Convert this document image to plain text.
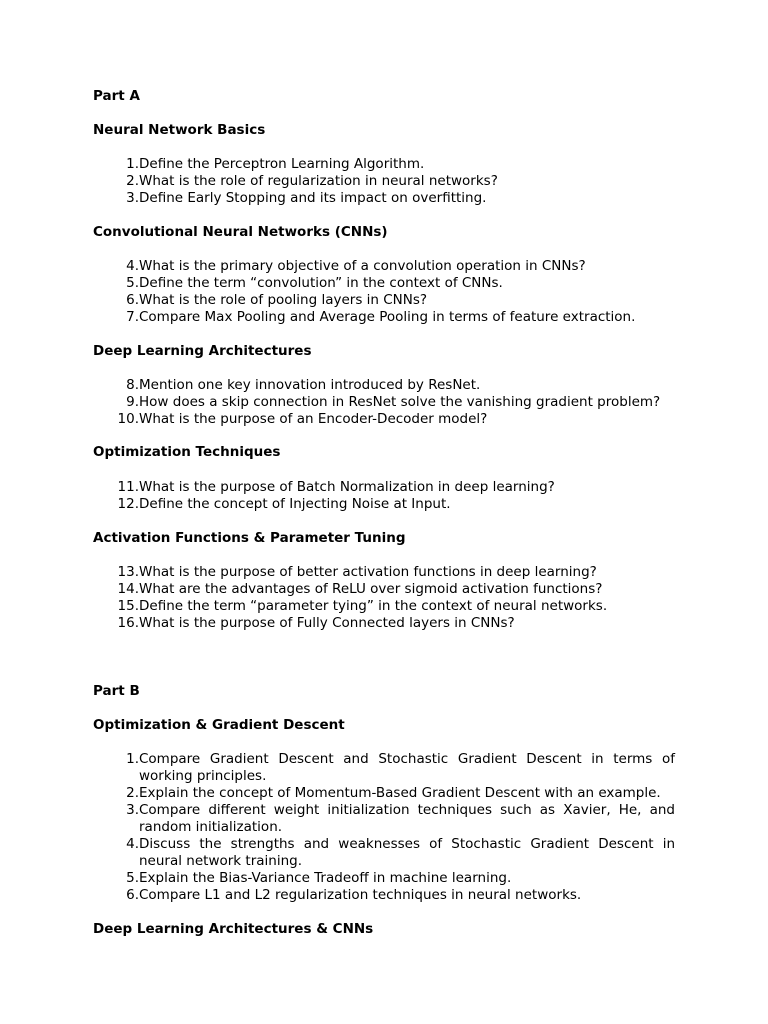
Part A
Neural Network Basics
1. Define the Perceptron Learning Algorithm.
2. What is the role of regularization in neural networks?
3. Define Early Stopping and its impact on overfitting.
Convolutional Neural Networks (CNNs)
4. What is the primary objective of a convolution operation in CNNs?
5. Define the term “convolution” in the context of CNNs.
6. What is the role of pooling layers in CNNs?
7. Compare Max Pooling and Average Pooling in terms of feature extraction.
Deep Learning Architectures
8. Mention one key innovation introduced by ResNet.
9. How does a skip connection in ResNet solve the vanishing gradient problem?
10. What is the purpose of an Encoder-Decoder model?
Optimization Techniques
11. What is the purpose of Batch Normalization in deep learning?
12. Define the concept of Injecting Noise at Input.
Activation Functions & Parameter Tuning
13. What is the purpose of better activation functions in deep learning?
14. What are the advantages of ReLU over sigmoid activation functions?
15. Define the term “parameter tying” in the context of neural networks.
16. What is the purpose of Fully Connected layers in CNNs?
Part B
Optimization & Gradient Descent
1. Compare Gradient Descent and Stochastic Gradient Descent in terms of working principles.
2. Explain the concept of Momentum-Based Gradient Descent with an example.
3. Compare different weight initialization techniques such as Xavier, He, and random initialization.
4. Discuss the strengths and weaknesses of Stochastic Gradient Descent in neural network training.
5. Explain the Bias-Variance Tradeoff in machine learning.
6. Compare L1 and L2 regularization techniques in neural networks.
Deep Learning Architectures & CNNs
